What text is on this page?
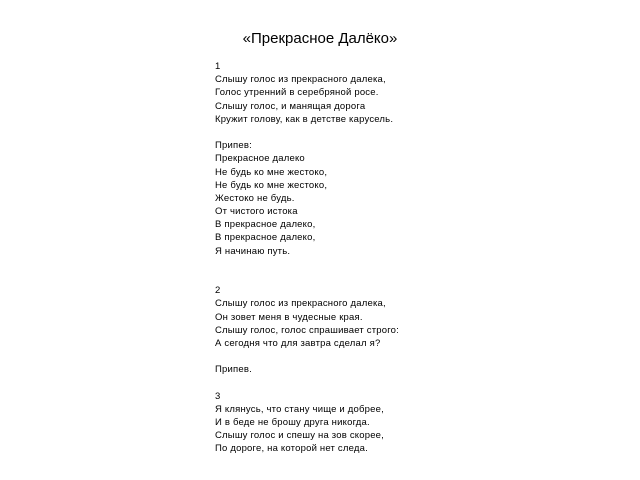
«Прекрасное Далёко»
1
Слышу голос из прекрасного далека,
Голос утренний в серебряной росе.
Слышу голос, и манящая дорога
Кружит голову, как в детстве карусель.
Припев:
Прекрасное далеко
Не будь ко мне жестоко,
Не будь ко мне жестоко,
Жестоко не будь.
От чистого истока
В прекрасное далеко,
В прекрасное далеко,
Я начинаю путь.
2
Слышу голос из прекрасного далека,
Он зовет меня в чудесные края.
Слышу голос, голос спрашивает строго:
А сегодня что для завтра сделал я?
Припев.
3
Я клянусь, что стану чище и добрее,
И в беде не брошу друга никогда.
Слышу голос и спешу на зов скорее,
По дороге, на которой нет следа.
